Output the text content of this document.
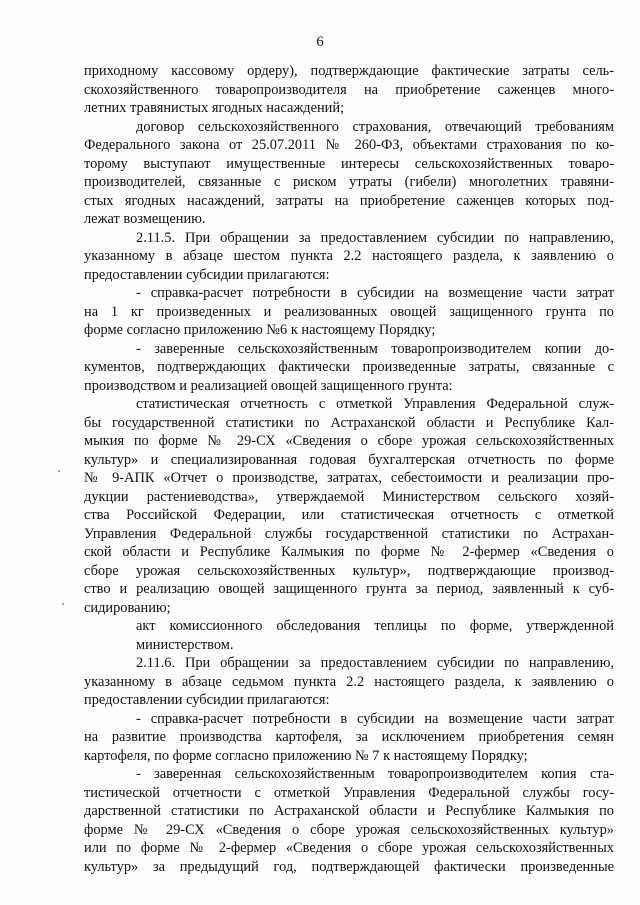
6
приходному кассовому ордеру), подтверждающие фактические затраты сель-
скохозяйственного товаропроизводителя на приобретение саженцев много-
летних травянистых ягодных насаждений;
договор сельскохозяйственного страхования, отвечающий требованиям
Федерального закона от 25.07.2011 № 260-ФЗ, объектами страхования по ко-
торому выступают имущественные интересы сельскохозяйственных товаро-
производителей, связанные с риском утраты (гибели) многолетних травяни-
стых ягодных насаждений, затраты на приобретение саженцев которых под-
лежат возмещению.
2.11.5. При обращении за предоставлением субсидии по направлению,
указанному в абзаце шестом пункта 2.2 настоящего раздела, к заявлению о
предоставлении субсидии прилагаются:
- справка-расчет потребности в субсидии на возмещение части затрат
на 1 кг произведенных и реализованных овощей защищенного грунта по
форме согласно приложению №6 к настоящему Порядку;
- заверенные сельскохозяйственным товаропроизводителем копии до-
кументов, подтверждающих фактически произведенные затраты, связанные с
производством и реализацией овощей защищенного грунта:
статистическая отчетность с отметкой Управления Федеральной служ-
бы государственной статистики по Астраханской области и Республике Кал-
мыкия по форме № 29-СХ «Сведения о сборе урожая сельскохозяйственных
культур» и специализированная годовая бухгалтерская отчетность по форме
№ 9-АПК «Отчет о производстве, затратах, себестоимости и реализации про-
дукции растениеводства», утверждаемой Министерством сельского хозяй-
ства Российской Федерации, или статистическая отчетность с отметкой
Управления Федеральной службы государственной статистики по Астрахан-
ской области и Республике Калмыкия по форме № 2-фермер «Сведения о
сборе урожая сельскохозяйственных культур», подтверждающие производ-
ство и реализацию овощей защищенного грунта за период, заявленный к суб-
сидированию;
акт комиссионного обследования теплицы по форме, утвержденной
министерством.
2.11.6. При обращении за предоставлением субсидии по направлению,
указанному в абзаце седьмом пункта 2.2 настоящего раздела, к заявлению о
предоставлении субсидии прилагаются:
- справка-расчет потребности в субсидии на возмещение части затрат
на развитие производства картофеля, за исключением приобретения семян
картофеля, по форме согласно приложению № 7 к настоящему Порядку;
- заверенная сельскохозяйственным товаропроизводителем копия ста-
тистической отчетности с отметкой Управления Федеральной службы госу-
дарственной статистики по Астраханской области и Республике Калмыкия по
форме № 29-СХ «Сведения о сборе урожая сельскохозяйственных культур»
или по форме № 2-фермер «Сведения о сборе урожая сельскохозяйственных
культур» за предыдущий год, подтверждающей фактически произведенные
